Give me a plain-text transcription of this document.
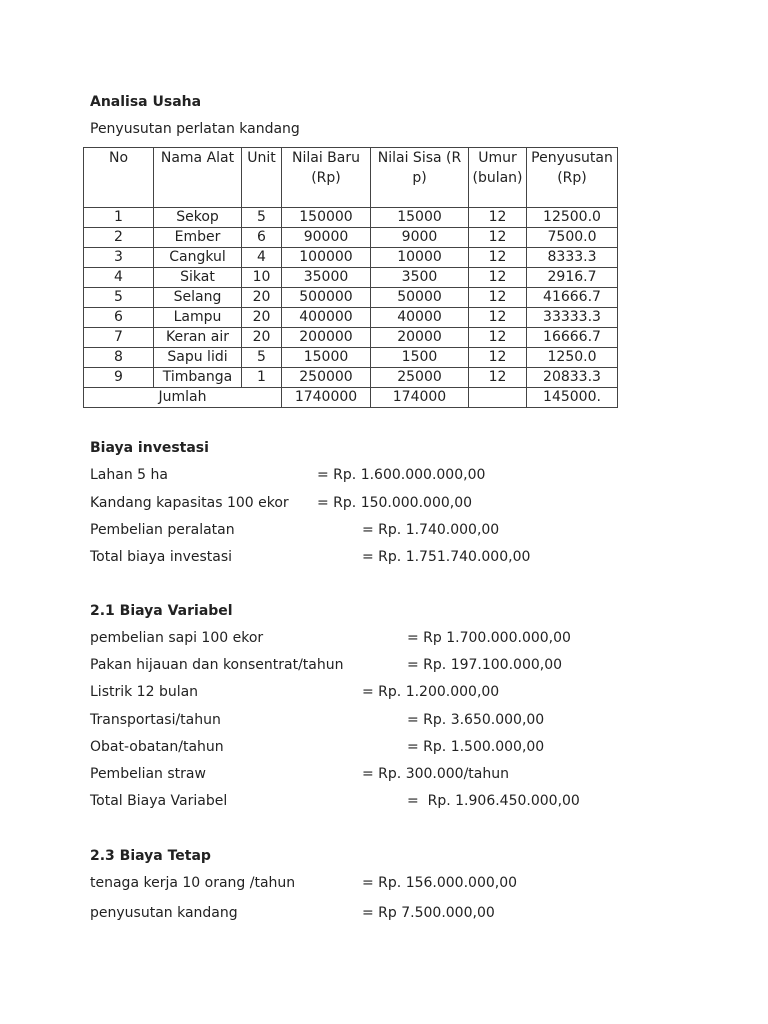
Analisa Usaha
Penyusutan perlatan kandang
No	Nama Alat	Unit	Nilai Baru (Rp)	Nilai Sisa (Rp)	Umur (bulan)	Penyusutan (Rp)
1	Sekop	5	150000	15000	12	12500.0
2	Ember	6	90000	9000	12	7500.0
3	Cangkul	4	100000	10000	12	8333.3
4	Sikat	10	35000	3500	12	2916.7
5	Selang	20	500000	50000	12	41666.7
6	Lampu	20	400000	40000	12	33333.3
7	Keran air	20	200000	20000	12	16666.7
8	Sapu lidi	5	15000	1500	12	1250.0
9	Timbanga	1	250000	25000	12	20833.3
Jumlah			1740000	174000		145000.
Biaya investasi
Lahan 5 ha	= Rp. 1.600.000.000,00
Kandang kapasitas 100 ekor = Rp. 150.000.000,00
Pembelian peralatan	= Rp. 1.740.000,00
Total biaya investasi	= Rp. 1.751.740.000,00
2.1 Biaya Variabel
pembelian sapi 100 ekor	= Rp 1.700.000.000,00
Pakan hijauan dan konsentrat/tahun	= Rp. 197.100.000,00
Listrik 12 bulan	= Rp. 1.200.000,00
Transportasi/tahun	= Rp. 3.650.000,00
Obat-obatan/tahun	= Rp. 1.500.000,00
Pembelian straw	= Rp. 300.000/tahun
Total Biaya Variabel	=  Rp. 1.906.450.000,00
2.3 Biaya Tetap
tenaga kerja 10 orang /tahun	= Rp. 156.000.000,00
penyusutan kandang	= Rp 7.500.000,00
